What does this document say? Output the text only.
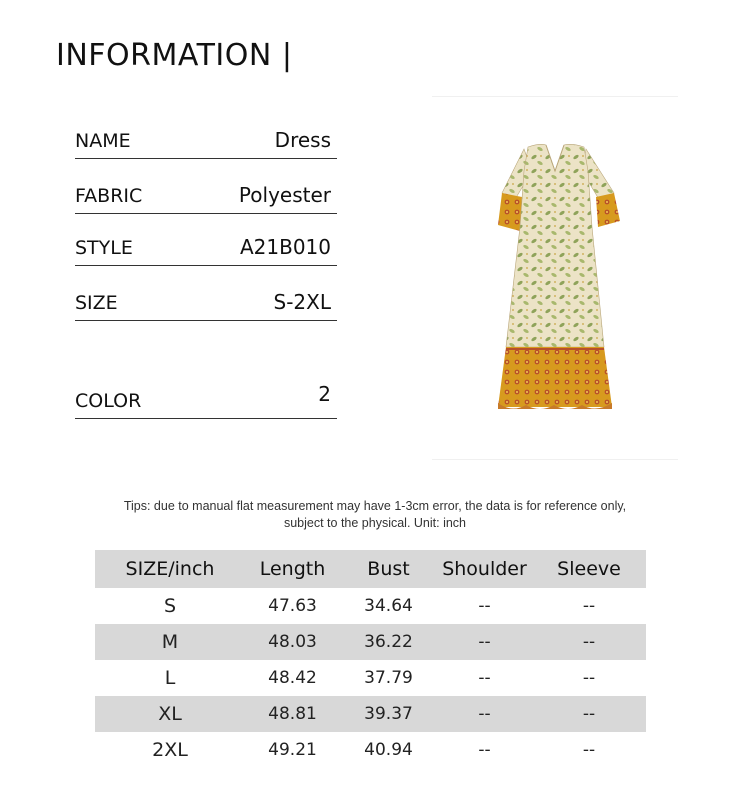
INFORMATION |
NAME	Dress
FABRIC	Polyester
STYLE	A21B010
SIZE	S-2XL
COLOR	2
Tips: due to manual flat measurement may have 1-3cm error, the data is for reference only,
subject to the physical. Unit: inch
SIZE/inch	Length	Bust	Shoulder	Sleeve
S	47.63	34.64	--	--
M	48.03	36.22	--	--
L	48.42	37.79	--	--
XL	48.81	39.37	--	--
2XL	49.21	40.94	--	--
